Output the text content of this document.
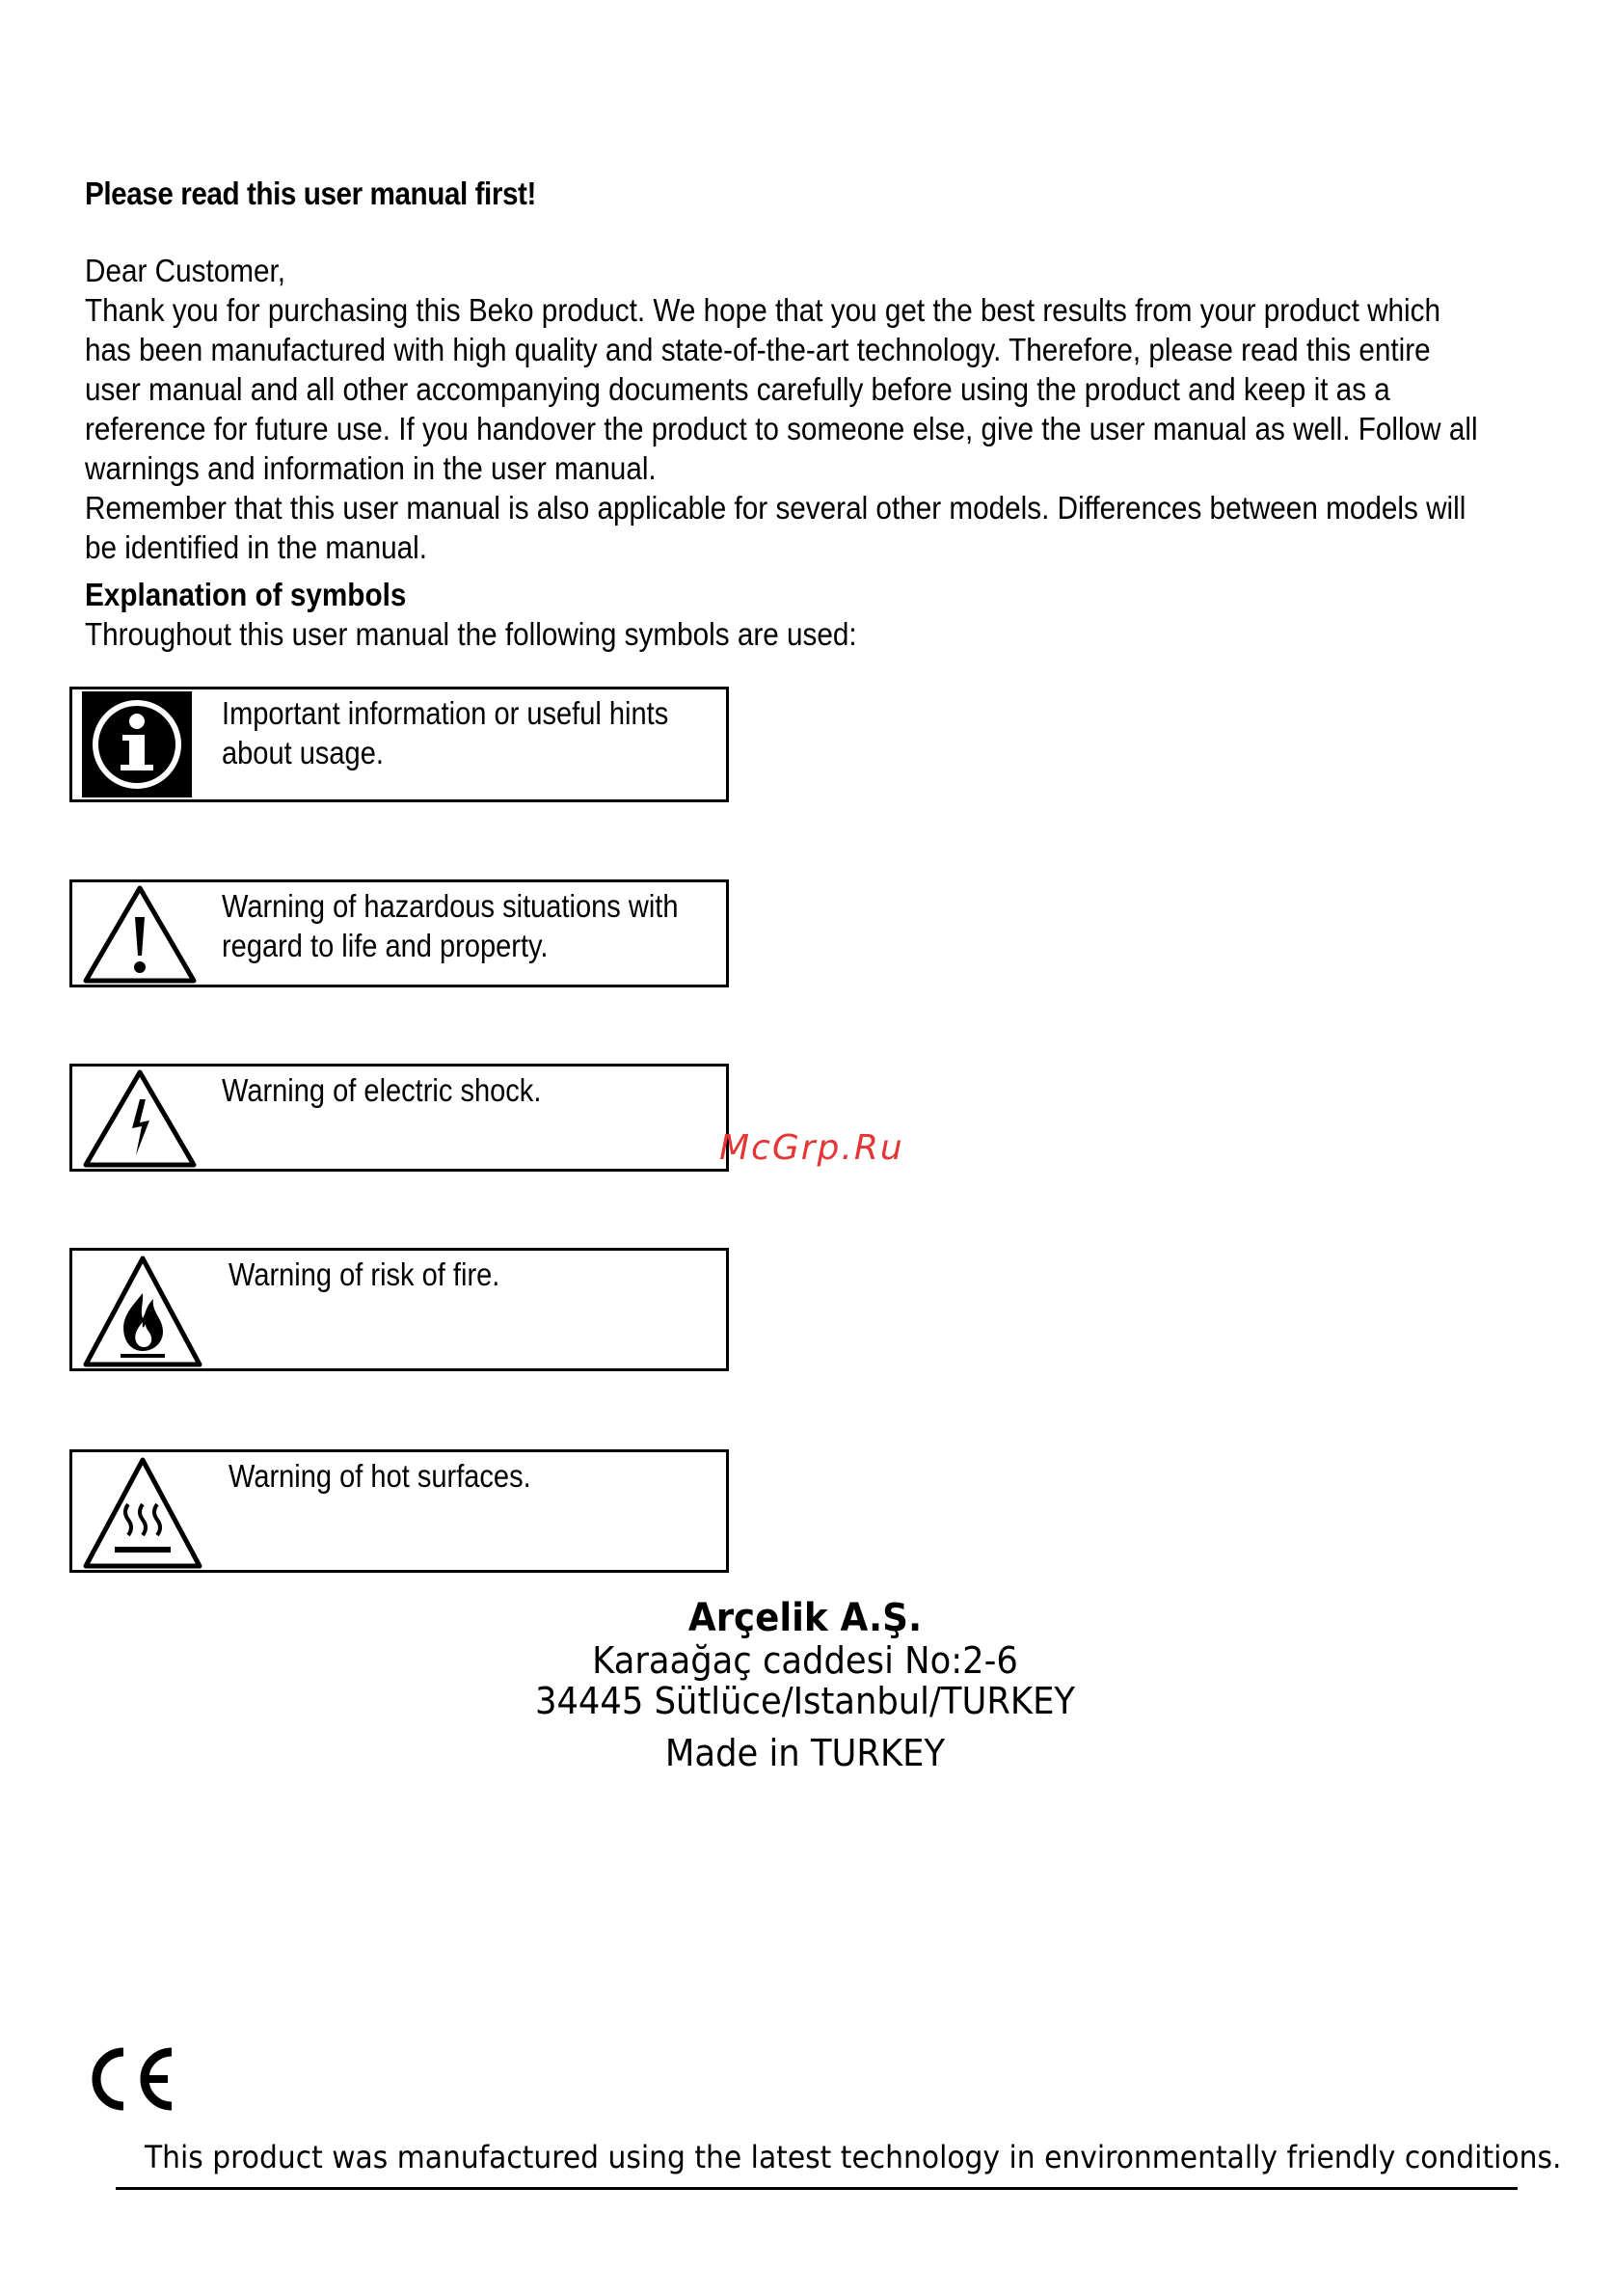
Please read this user manual first!

Dear Customer,

Thank you for purchasing this Beko product. We hope that you get the best results from your product which has been manufactured with high quality and state-of-the-art technology. Therefore, please read this entire user manual and all other accompanying documents carefully before using the product and keep it as a reference for future use. If you handover the product to someone else, give the user manual as well. Follow all warnings and information in the user manual.

Remember that this user manual is also applicable for several other models. Differences between models will be identified in the manual.

Explanation of symbols

Throughout this user manual the following symbols are used:

Important information or useful hints about usage.
Warning of hazardous situations with regard to life and property.
Warning of electric shock.
Warning of risk of fire.
Warning of hot surfaces.
McGrp.Ru
Arçelik A.Ş.
Karaağaç caddesi No:2-6
34445 Sütlüce/Istanbul/TURKEY
Made in TURKEY
This product was manufactured using the latest technology in environmentally friendly conditions.
